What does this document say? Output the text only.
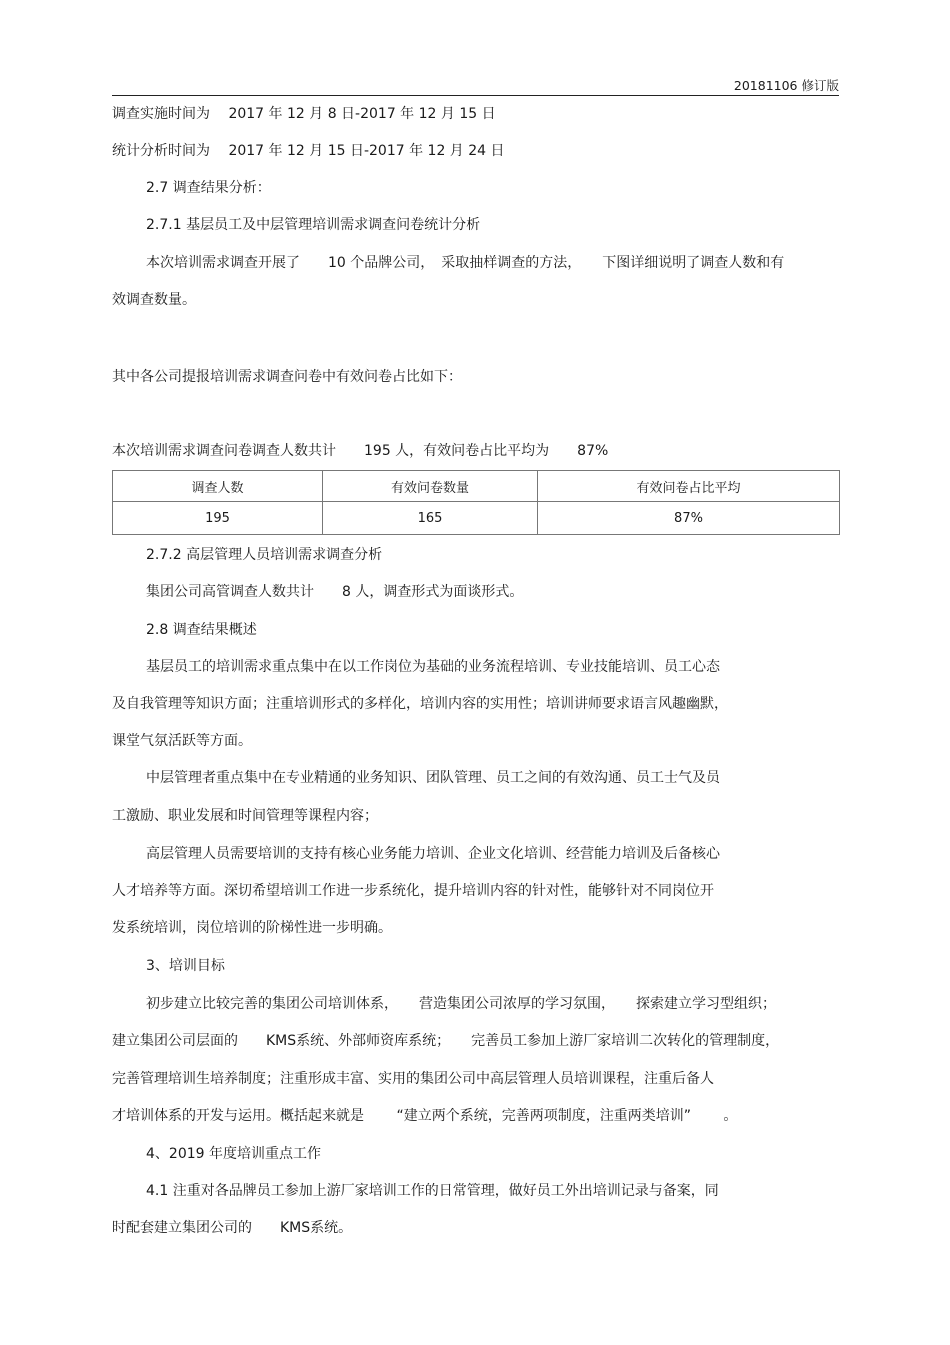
20181106 修订版
调查实施时间为　 2017 年 12 月 8 日-2017 年 12 月 15 日
统计分析时间为　 2017 年 12 月 15 日-2017 年 12 月 24 日
2.7 调查结果分析：
2.7.1 基层员工及中层管理培训需求调查问卷统计分析
本次培训需求调查开展了　　10 个品牌公司，　采取抽样调查的方法，　　下图详细说明了调查人数和有
效调查数量。
其中各公司提报培训需求调查问卷中有效问卷占比如下：
本次培训需求调查问卷调查人数共计　　195 人，有效问卷占比平均为　　87%
调查人数	有效问卷数量	有效问卷占比平均
195	165	87%
2.7.2 高层管理人员培训需求调查分析
集团公司高管调查人数共计　　8 人，调查形式为面谈形式。
2.8 调查结果概述
基层员工的培训需求重点集中在以工作岗位为基础的业务流程培训、专业技能培训、员工心态
及自我管理等知识方面；注重培训形式的多样化，培训内容的实用性；培训讲师要求语言风趣幽默，
课堂气氛活跃等方面。
中层管理者重点集中在专业精通的业务知识、团队管理、员工之间的有效沟通、员工士气及员
工激励、职业发展和时间管理等课程内容；
高层管理人员需要培训的支持有核心业务能力培训、企业文化培训、经营能力培训及后备核心
人才培养等方面。深切希望培训工作进一步系统化，提升培训内容的针对性，能够针对不同岗位开
发系统培训，岗位培训的阶梯性进一步明确。
3、培训目标
初步建立比较完善的集团公司培训体系，　　营造集团公司浓厚的学习氛围，　　探索建立学习型组织；
建立集团公司层面的　　KMS系统、外部师资库系统；　　完善员工参加上游厂家培训二次转化的管理制度，
完善管理培训生培养制度；注重形成丰富、实用的集团公司中高层管理人员培训课程，注重后备人
才培训体系的开发与运用。概括起来就是　　 “建立两个系统，完善两项制度，注重两类培训”　　 。
4、2019 年度培训重点工作
4.1 注重对各品牌员工参加上游厂家培训工作的日常管理，做好员工外出培训记录与备案，同
时配套建立集团公司的　　KMS系统。
